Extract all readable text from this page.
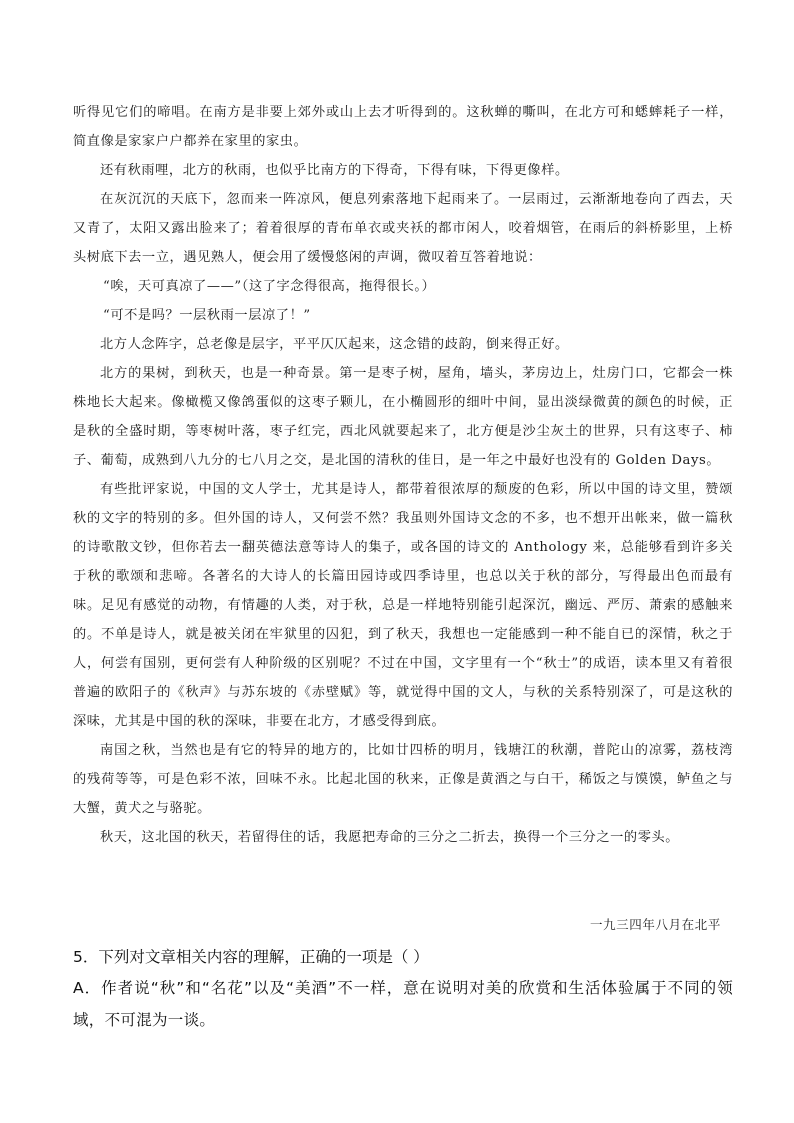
听得见它们的啼唱。在南方是非要上郊外或山上去才听得到的。这秋蝉的嘶叫，在北方可和蟋蟀耗子一样，简直像是家家户户都养在家里的家虫。

还有秋雨哩，北方的秋雨，也似乎比南方的下得奇，下得有味，下得更像样。

在灰沉沉的天底下，忽而来一阵凉风，便息列索落地下起雨来了。一层雨过，云渐渐地卷向了西去，天又青了，太阳又露出脸来了；着着很厚的青布单衣或夹袄的都市闲人，咬着烟管，在雨后的斜桥影里，上桥头树底下去一立，遇见熟人，便会用了缓慢悠闲的声调，微叹着互答着地说：

“唉，天可真凉了——”（这了字念得很高，拖得很长。）

“可不是吗？一层秋雨一层凉了！”

北方人念阵字，总老像是层字，平平仄仄起来，这念错的歧韵，倒来得正好。

北方的果树，到秋天，也是一种奇景。第一是枣子树，屋角，墙头，茅房边上，灶房门口，它都会一株株地长大起来。像橄榄又像鸽蛋似的这枣子颗儿，在小椭圆形的细叶中间，显出淡绿微黄的颜色的时候，正是秋的全盛时期，等枣树叶落，枣子红完，西北风就要起来了，北方便是沙尘灰土的世界，只有这枣子、柿子、葡萄，成熟到八九分的七八月之交，是北国的清秋的佳日，是一年之中最好也没有的 Golden Days。

有些批评家说，中国的文人学士，尤其是诗人，都带着很浓厚的颓废的色彩，所以中国的诗文里，赞颂秋的文字的特别的多。但外国的诗人，又何尝不然？我虽则外国诗文念的不多，也不想开出帐来，做一篇秋的诗歌散文钞，但你若去一翻英德法意等诗人的集子，或各国的诗文的 Anthology 来，总能够看到许多关于秋的歌颂和悲啼。各著名的大诗人的长篇田园诗或四季诗里，也总以关于秋的部分，写得最出色而最有味。足见有感觉的动物，有情趣的人类，对于秋，总是一样地特别能引起深沉，幽远、严厉、萧索的感触来的。不单是诗人，就是被关闭在牢狱里的囚犯，到了秋天，我想也一定能感到一种不能自已的深情，秋之于人，何尝有国别，更何尝有人种阶级的区别呢？不过在中国，文字里有一个“秋士”的成语，读本里又有着很普遍的欧阳子的《秋声》与苏东坡的《赤壁赋》等，就觉得中国的文人，与秋的关系特别深了，可是这秋的深味，尤其是中国的秋的深味，非要在北方，才感受得到底。

南国之秋，当然也是有它的特异的地方的，比如廿四桥的明月，钱塘江的秋潮，普陀山的凉雾，荔枝湾的残荷等等，可是色彩不浓，回味不永。比起北国的秋来，正像是黄酒之与白干，稀饭之与馍馍，鲈鱼之与大蟹，黄犬之与骆驼。

秋天，这北国的秋天，若留得住的话，我愿把寿命的三分之二折去，换得一个三分之一的零头。

一九三四年八月在北平

5．下列对文章相关内容的理解，正确的一项是（ ）

A．作者说“秋”和“名花”以及“美酒”不一样，意在说明对美的欣赏和生活体验属于不同的领域，不可混为一谈。
